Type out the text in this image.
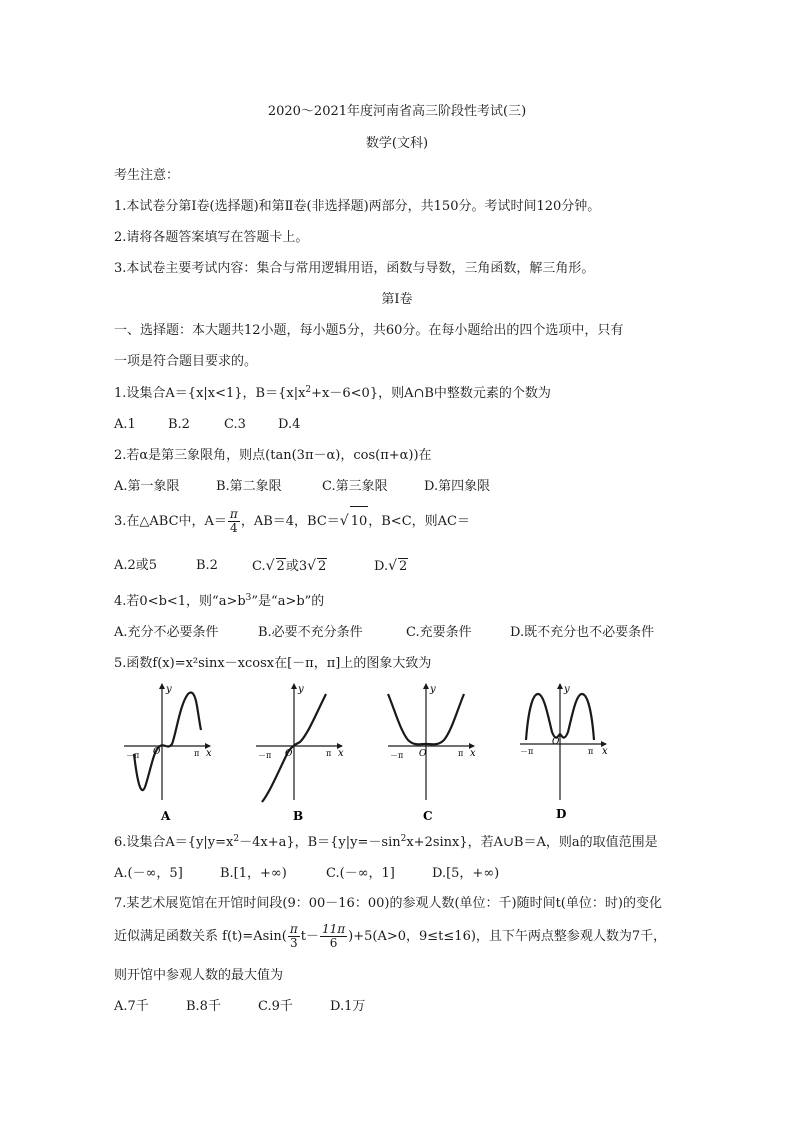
2020～2021年度河南省高三阶段性考试(三)
数学(文科)
考生注意：
1.本试卷分第Ⅰ卷(选择题)和第Ⅱ卷(非选择题)两部分，共150分。考试时间120分钟。
2.请将各题答案填写在答题卡上。
3.本试卷主要考试内容：集合与常用逻辑用语，函数与导数，三角函数，解三角形。
第Ⅰ卷
一、选择题：本大题共12小题，每小题5分，共60分。在每小题给出的四个选项中，只有
一项是符合题目要求的。
1.设集合A＝{x|x<1}，$B=\{x|x^2+x-6<0\}$，则A∩B中整数元素的个数为
A.1 B.2	C.3 D.4
2.若α是第三象限角，则点(tan(3π－α)，cos(π+α))在
A.第一象限	B.第二象限	C.第三象限	D.第四象限
3.在△ABC中，$A= \frac{\pi}{4}$ ，AB＝4，BC＝√ 10，B<C，则AC＝
A.2或5	B.2	C.√ 2或3√ 2	D.√ 2
4.若0<b<1，则“$a>b^3$”是“a>b”的
A.充分不必要条件	B.必要不充分条件	C.充要条件	D.既不充分也不必要条件
5.函数f(x)=x²sinx－xcosx在[－π，π]上的图象大致为
y
x
O
－π	π
A
y
x
O
－π	π
B
y
x
O
－π	π
C
y
x
O
－π	π
D
6.设集合$A=\{y|y=x^2-4x+a\}$，$B=\{y|y=-\sin^2x+2\sin x\}$，若A∪B＝A，则a的取值范围是
A.(－∞，5]	B.[1，+∞)	C.(－∞，1]	D.[5，+∞)
7.某艺术展览馆在开馆时间段(9：00－16：00)的参观人数(单位：千)随时间t(单位：时)的变化
近似满足函数关系 $f(t)=Asin( \frac{\pi}{3} t- \frac{11\pi}{6} )+5(A>0$，9≤t≤16)，且下午两点整参观人数为7千，
则开馆中参观人数的最大值为
A.7千	B.8千	C.9千	D.1万
